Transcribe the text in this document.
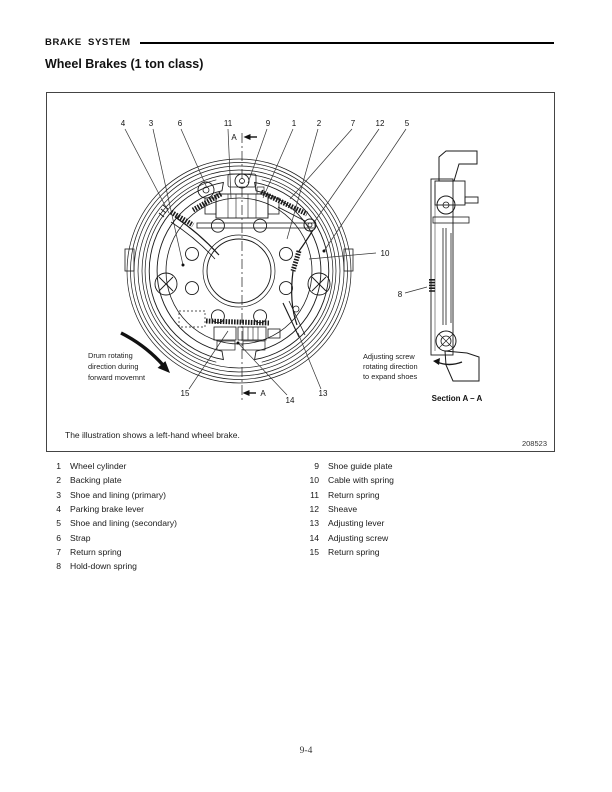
BRAKE SYSTEM
Wheel Brakes (1 ton class)
A
A
Drum rotating
direction during
forward movemnt
4	3	6	11	9	1	2	7	12	5
15
14
13
10
8
Adjusting screw
rotating direction
to expand shoes
Section A – A
The illustration shows a left-hand wheel brake.
208523
1 Wheel cylinder
2 Backing plate
3 Shoe and lining (primary)
4 Parking brake lever
5 Shoe and lining (secondary)
6 Strap
7 Return spring
8 Hold-down spring
9 Shoe guide plate
10 Cable with spring
11 Return spring
12 Sheave
13 Adjusting lever
14 Adjusting screw
15 Return spring
9-4
